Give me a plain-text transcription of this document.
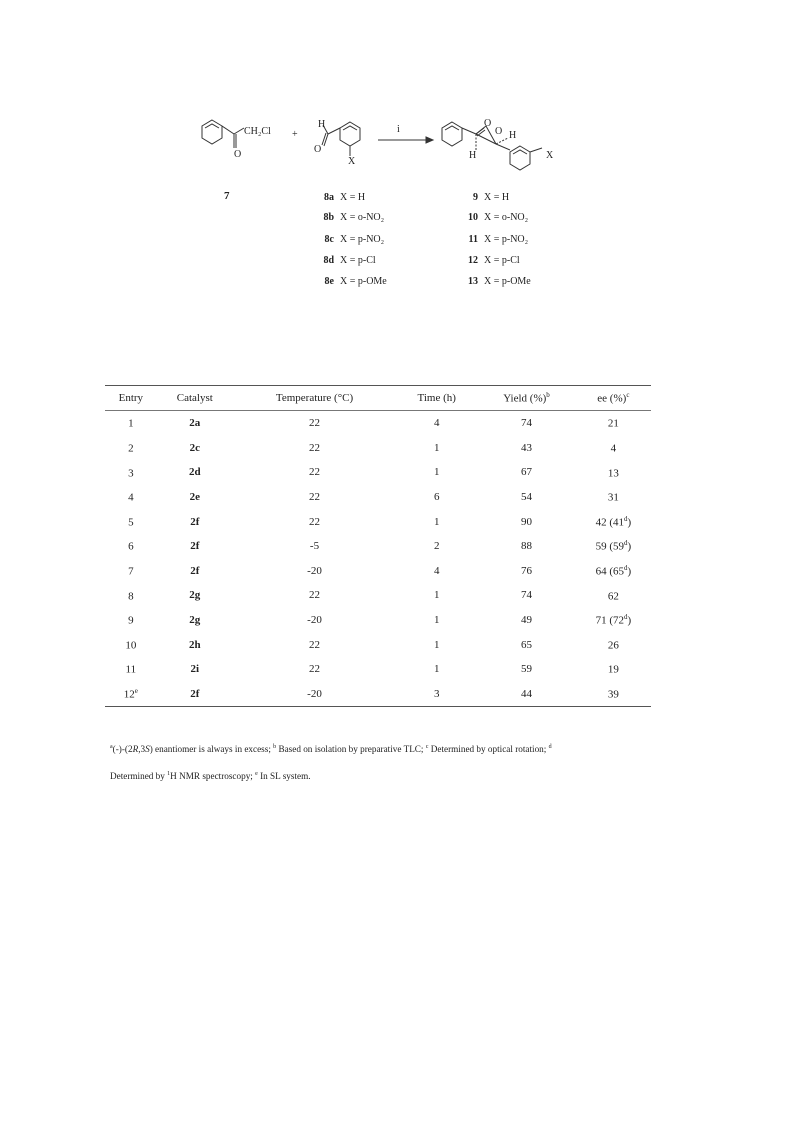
CH₂Cl
O
+
H
O
X
i
O
O H
H	X
7	8a X = H
8b X = o-NO₂
8c X = p-NO₂
8d X = p-Cl
8e X = p-OMe
9 X = H
10 X = o-NO₂
11 X = p-NO₂
12 X = p-Cl
13 X = p-OMe
Entry	Catalyst	Temperature (°C)	Time (h)	Yield (%)$^b$	ee (%)$^c$
1	2a	22	4	74	21
2	2c	22	1	43	4
3	2d	22	1	67	13
4	2e	22	6	54	31
5	2f	22	1	90	42 (41$^d$)
6	2f	-5	2	88	59 (59$^d$)
7	2f	-20	4	76	64 (65$^d$)
8	2g	22	1	74	62
9	2g	-20	1	49	71 (72$^d$)
10	2h	22	1	65	26
11	2i	22	1	59	19
12e	2f	-20	3	44	39
$^a$(-)-(2R,3S) enantiomer is always in excess; $^b$ Based on isolation by preparative TLC; $^c$ Determined by optical rotation; $^d$
Determined by $^1$H NMR spectroscopy; $^e$ In SL system.
